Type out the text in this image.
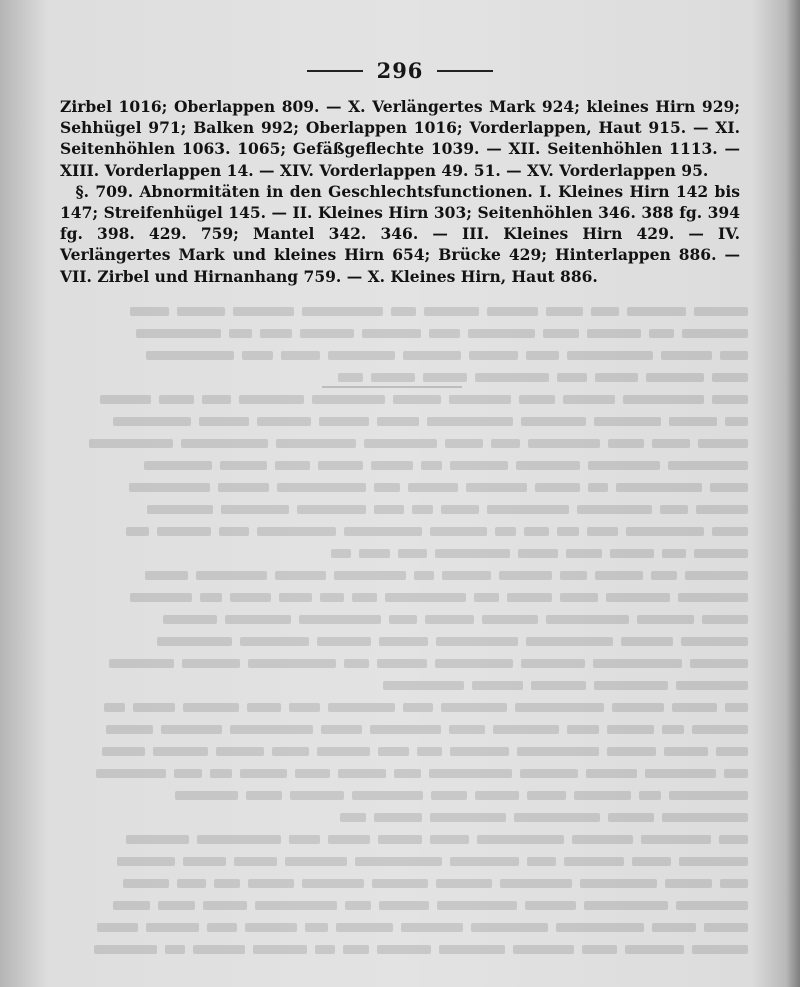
296

Zirbel 1016; Oberlappen 809. — X. Verlängertes Mark 924; kleines Hirn 929; Sehhügel 971; Balken 992; Oberlappen 1016; Vorderlappen, Haut 915. — XI. Seitenhöhlen 1063. 1065; Gefäßgeflechte 1039. — XII. Seitenhöhlen 1113. — XIII. Vorderlappen 14. — XIV. Vorderlappen 49. 51. — XV. Vorderlappen 95.

 §. 709. Abnormitäten in den Geschlechtsfunctionen. I. Kleines Hirn 142 bis 147; Streifenhügel 145. — II. Kleines Hirn 303; Seitenhöhlen 346. 388 fg. 394 fg. 398. 429. 759; Mantel 342. 346. — III. Kleines Hirn 429. — IV. Verlängertes Mark und kleines Hirn 654; Brücke 429; Hinterlappen 886. — VII. Zirbel und Hirnanhang 759. — X. Kleines Hirn, Haut 886.
